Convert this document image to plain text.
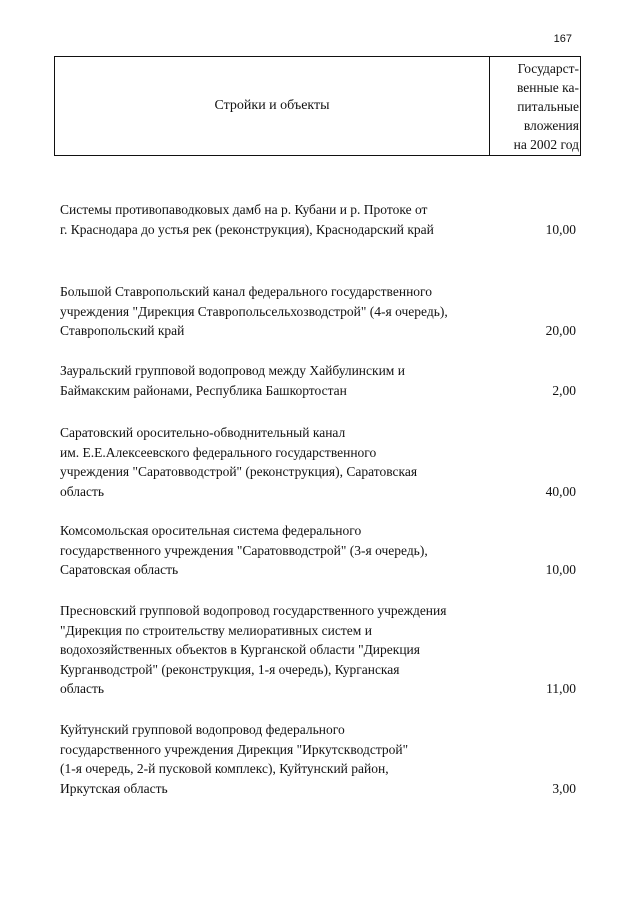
167
Стройки и объекты	
Государст-
венные ка-
питальные
вложения
на 2002 год
Системы противопаводковых дамб на р. Кубани и р. Протоке от
г. Краснодара до устья рек (реконструкция), Краснодарский край	10,00
Большой Ставропольский канал федерального государственного
учреждения "Дирекция Ставропольсельхозводстрой" (4-я очередь),
Ставропольский край	20,00
Зауральский групповой водопровод между Хайбулинским и
Баймакским районами, Республика Башкортостан	2,00
Саратовский оросительно-обводнительный канал
им. Е.Е.Алексеевского федерального государственного
учреждения "Саратовводстрой" (реконструкция), Саратовская
область	40,00
Комсомольская оросительная система федерального
государственного учреждения "Саратовводстрой" (3-я очередь),
Саратовская область	10,00
Пресновский групповой водопровод государственного учреждения
"Дирекция по строительству мелиоративных систем и
водохозяйственных объектов в Курганской области "Дирекция
Курганводстрой" (реконструкция, 1-я очередь), Курганская
область	11,00
Куйтунский групповой водопровод федерального
государственного учреждения Дирекция "Иркутскводстрой"
(1-я очередь, 2-й пусковой комплекс), Куйтунский район,
Иркутская область	3,00
